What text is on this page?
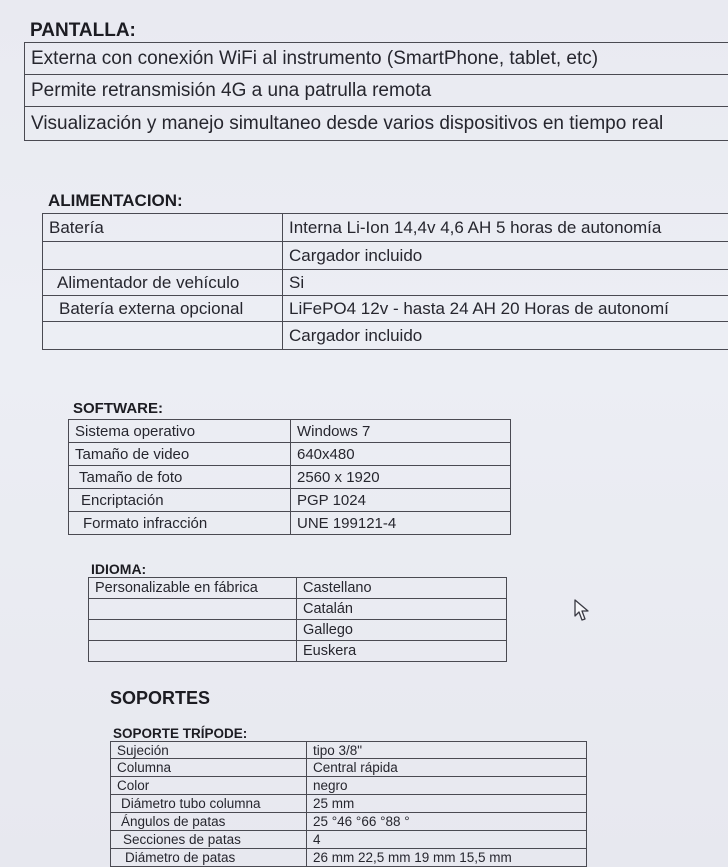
PANTALLA:
Externa con conexión WiFi al instrumento (SmartPhone, tablet, etc)
Permite retransmisión 4G a una patrulla remota
Visualización y manejo simultaneo desde varios dispositivos en tiempo real
ALIMENTACION:
Batería	Interna Li-Ion 14,4v 4,6 AH 5 horas de autonomía
	Cargador incluido
Alimentador de vehículo	Si
Batería externa opcional	LiFePO4 12v - hasta 24 AH 20 Horas de autonomí
	Cargador incluido
SOFTWARE:
Sistema operativo	Windows 7
Tamaño de video	640x480
Tamaño de foto	2560 x 1920
Encriptación	PGP 1024
Formato infracción	UNE 199121-4
IDIOMA:
Personalizable en fábrica	Castellano
	Catalán
	Gallego
	Euskera
SOPORTES
SOPORTE TRÍPODE:
Sujeción	tipo 3/8"
Columna	Central rápida
Color	negro
Diámetro tubo columna	25 mm
Ángulos de patas	25 °46 °66 °88 °
Secciones de patas	4
Diámetro de patas	26 mm 22,5 mm 19 mm 15,5 mm
